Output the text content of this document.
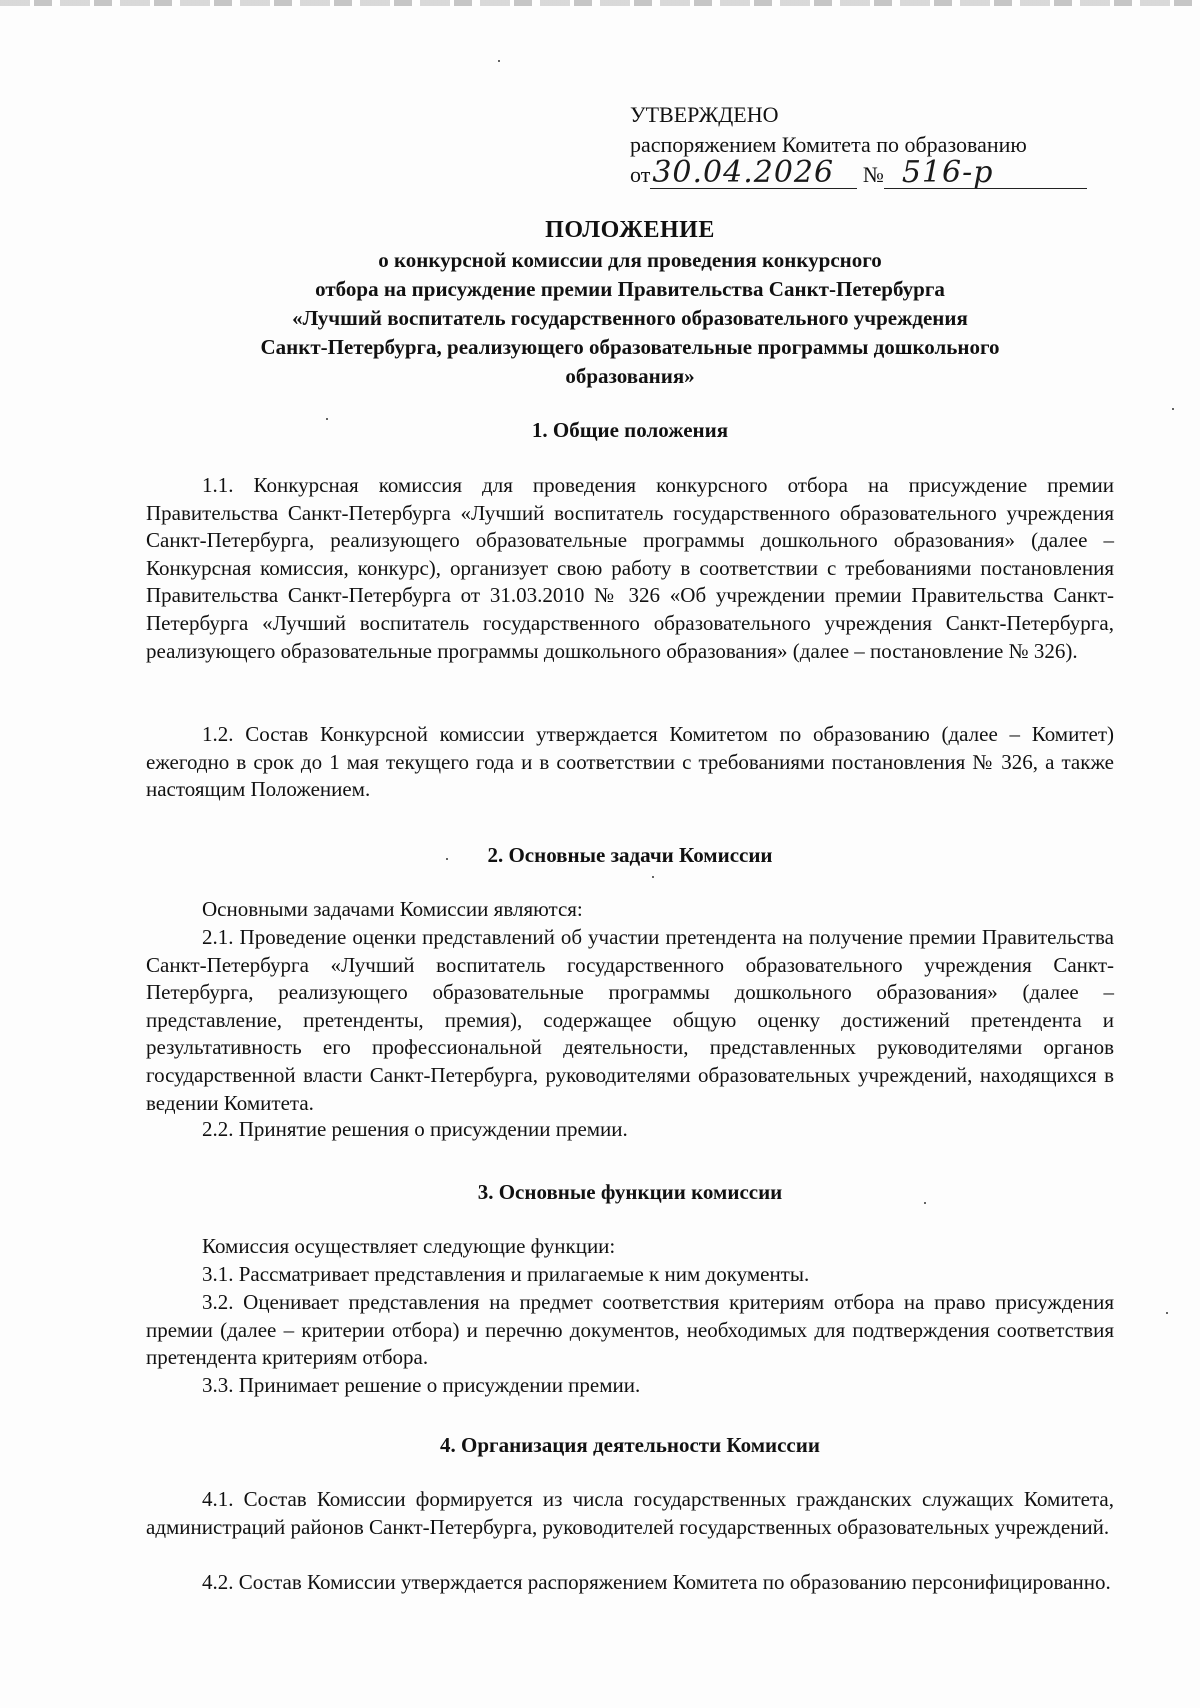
УТВЕРЖДЕНО
распоряжением Комитета по образованию
от30.04.2026 № 516-р
ПОЛОЖЕНИЕ
о конкурсной комиссии для проведения конкурсного
отбора на присуждение премии Правительства Санкт-Петербурга
«Лучший воспитатель государственного образовательного учреждения
Санкт-Петербурга, реализующего образовательные программы дошкольного
образования»
1. Общие положения
1.1. Конкурсная комиссия для проведения конкурсного отбора на присуждение премии Правительства Санкт-Петербурга «Лучший воспитатель государственного образовательного учреждения Санкт-Петербурга, реализующего образовательные программы дошкольного образования» (далее – Конкурсная комиссия, конкурс), организует свою работу в соответствии с требованиями постановления Правительства Санкт-Петербурга от 31.03.2010 № 326 «Об учреждении премии Правительства Санкт-Петербурга «Лучший воспитатель государственного образовательного учреждения Санкт-Петербурга, реализующего образовательные программы дошкольного образования» (далее – постановление № 326).
1.2. Состав Конкурсной комиссии утверждается Комитетом по образованию (далее – Комитет) ежегодно в срок до 1 мая текущего года и в соответствии с требованиями постановления № 326, а также настоящим Положением.
2. Основные задачи Комиссии
Основными задачами Комиссии являются:
2.1. Проведение оценки представлений об участии претендента на получение премии Правительства Санкт-Петербурга «Лучший воспитатель государственного образовательного учреждения Санкт-Петербурга, реализующего образовательные программы дошкольного образования» (далее – представление, претенденты, премия), содержащее общую оценку достижений претендента и результативность его профессиональной деятельности, представленных руководителями органов государственной власти Санкт-Петербурга, руководителями образовательных учреждений, находящихся в ведении Комитета.
2.2. Принятие решения о присуждении премии.
3. Основные функции комиссии
Комиссия осуществляет следующие функции:
3.1. Рассматривает представления и прилагаемые к ним документы.
3.2. Оценивает представления на предмет соответствия критериям отбора на право присуждения премии (далее – критерии отбора) и перечню документов, необходимых для подтверждения соответствия претендента критериям отбора.
3.3. Принимает решение о присуждении премии.
4. Организация деятельности Комиссии
4.1. Состав Комиссии формируется из числа государственных гражданских служащих Комитета, администраций районов Санкт-Петербурга, руководителей государственных образовательных учреждений.
4.2. Состав Комиссии утверждается распоряжением Комитета по образованию персонифицированно.
